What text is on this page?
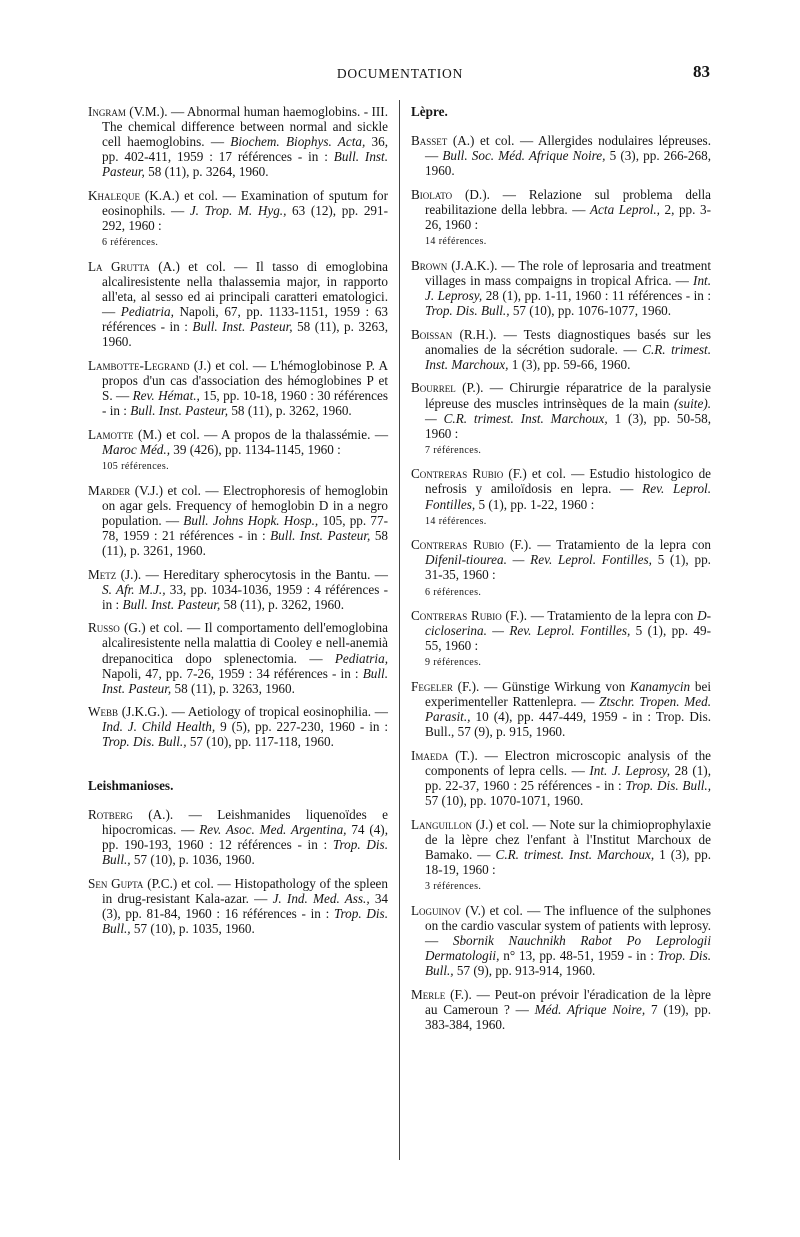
DOCUMENTATION	83

Ingram (V.M.). — Abnormal human haemoglobins. - III. The chemical difference between normal and sickle cell haemoglobins. — Biochem. Biophys. Acta, 36, pp. 402-411, 1959 : 17 références - in : Bull. Inst. Pasteur, 58 (11), p. 3264, 1960.

Khaleque (K.A.) et col. — Examination of sputum for eosinophils. — J. Trop. M. Hyg., 63 (12), pp. 291-292, 1960 :
6 références.

La Grutta (A.) et col. — Il tasso di emoglobina alcaliresistente nella thalassemia major, in rapporto all'eta, al sesso ed ai principali caratteri ematologici. — Pediatria, Napoli, 67, pp. 1133-1151, 1959 : 63 références - in : Bull. Inst. Pasteur, 58 (11), p. 3263, 1960.

Lambotte-Legrand (J.) et col. — L'hémoglobinose P. A propos d'un cas d'association des hémoglobines P et S. — Rev. Hémat., 15, pp. 10-18, 1960 : 30 références - in : Bull. Inst. Pasteur, 58 (11), p. 3262, 1960.

Lamotte (M.) et col. — A propos de la thalassémie. — Maroc Méd., 39 (426), pp. 1134-1145, 1960 :
105 références.

Marder (V.J.) et col. — Electrophoresis of hemoglobin on agar gels. Frequency of hemoglobin D in a negro population. — Bull. Johns Hopk. Hosp., 105, pp. 77-78, 1959 : 21 références - in : Bull. Inst. Pasteur, 58 (11), p. 3261, 1960.

Metz (J.). — Hereditary spherocytosis in the Bantu. — S. Afr. M.J., 33, pp. 1034-1036, 1959 : 4 références - in : Bull. Inst. Pasteur, 58 (11), p. 3262, 1960.

Russo (G.) et col. — Il comportamento dell'emoglobina alcaliresistente nella malattia di Cooley e nell-anemià drepanocitica dopo splenectomia. — Pediatria, Napoli, 47, pp. 7-26, 1959 : 34 références - in : Bull. Inst. Pasteur, 58 (11), p. 3263, 1960.

Webb (J.K.G.). — Aetiology of tropical eosinophilia. — Ind. J. Child Health, 9 (5), pp. 227-230, 1960 - in : Trop. Dis. Bull., 57 (10), pp. 117-118, 1960.

Leishmanioses.

Rotberg (A.). — Leishmanides liquenoïdes e hipocromicas. — Rev. Asoc. Med. Argentina, 74 (4), pp. 190-193, 1960 : 12 références - in : Trop. Dis. Bull., 57 (10), p. 1036, 1960.

Sen Gupta (P.C.) et col. — Histopathology of the spleen in drug-resistant Kala-azar. — J. Ind. Med. Ass., 34 (3), pp. 81-84, 1960 : 16 références - in : Trop. Dis. Bull., 57 (10), p. 1035, 1960.

Lèpre.

Basset (A.) et col. — Allergides nodulaires lépreuses. — Bull. Soc. Méd. Afrique Noire, 5 (3), pp. 266-268, 1960.

Biolato (D.). — Relazione sul problema della reabilitazione della lebbra. — Acta Leprol., 2, pp. 3-26, 1960 :
14 références.

Brown (J.A.K.). — The role of leprosaria and treatment villages in mass compaigns in tropical Africa. — Int. J. Leprosy, 28 (1), pp. 1-11, 1960 : 11 références - in : Trop. Dis. Bull., 57 (10), pp. 1076-1077, 1960.

Boissan (R.H.). — Tests diagnostiques basés sur les anomalies de la sécrétion sudorale. — C.R. trimest. Inst. Marchoux, 1 (3), pp. 59-66, 1960.

Bourrel (P.). — Chirurgie réparatrice de la paralysie lépreuse des muscles intrinsèques de la main (suite). — C.R. trimest. Inst. Marchoux, 1 (3), pp. 50-58, 1960 :
7 références.

Contreras Rubio (F.) et col. — Estudio histologico de nefrosis y amiloïdosis en lepra. — Rev. Leprol. Fontilles, 5 (1), pp. 1-22, 1960 :
14 références.

Contreras Rubio (F.). — Tratamiento de la lepra con Difenil-tiourea. — Rev. Leprol. Fontilles, 5 (1), pp. 31-35, 1960 :
6 références.

Contreras Rubio (F.). — Tratamiento de la lepra con D-cicloserina. — Rev. Leprol. Fontilles, 5 (1), pp. 49-55, 1960 :
9 références.

Fegeler (F.). — Günstige Wirkung von Kanamycin bei experimenteller Rattenlepra. — Ztschr. Tropen. Med. Parasit., 10 (4), pp. 447-449, 1959 - in : Trop. Dis. Bull., 57 (9), p. 915, 1960.

Imaeda (T.). — Electron microscopic analysis of the components of lepra cells. — Int. J. Leprosy, 28 (1), pp. 22-37, 1960 : 25 références - in : Trop. Dis. Bull., 57 (10), pp. 1070-1071, 1960.

Languillon (J.) et col. — Note sur la chimioprophylaxie de la lèpre chez l'enfant à l'Institut Marchoux de Bamako. — C.R. trimest. Inst. Marchoux, 1 (3), pp. 18-19, 1960 :
3 références.

Loguinov (V.) et col. — The influence of the sulphones on the cardio vascular system of patients with leprosy. — Sbornik Nauchnikh Rabot Po Leprologii Dermatologii, n° 13, pp. 48-51, 1959 - in : Trop. Dis. Bull., 57 (9), pp. 913-914, 1960.

Merle (F.). — Peut-on prévoir l'éradication de la lèpre au Cameroun ? — Méd. Afrique Noire, 7 (19), pp. 383-384, 1960.
